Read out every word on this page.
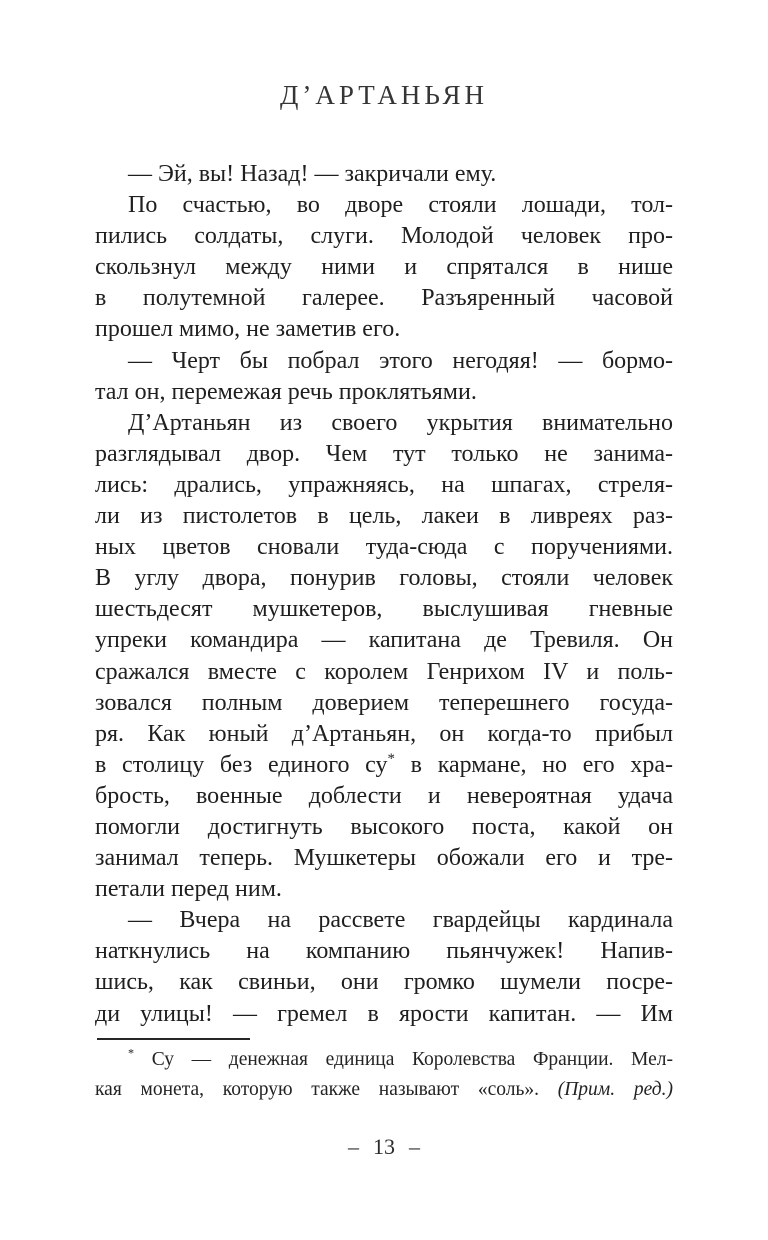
Д’АРТАНЬЯН
— Эй, вы! Назад! — закричали ему.
По счастью, во дворе стояли лошади, тол-
пились солдаты, слуги. Молодой человек про-
скользнул между ними и спрятался в нише
в полутемной галерее. Разъяренный часовой
прошел мимо, не заметив его.
— Черт бы побрал этого негодяя! — бормо-
тал он, перемежая речь проклятьями.
Д’Артаньян из своего укрытия внимательно
разглядывал двор. Чем тут только не занима-
лись: дрались, упражняясь, на шпагах, стреля-
ли из пистолетов в цель, лакеи в ливреях раз-
ных цветов сновали туда-сюда с поручениями.
В углу двора, понурив головы, стояли человек
шестьдесят мушкетеров, выслушивая гневные
упреки командира — капитана де Тревиля. Он
сражался вместе с королем Генрихом IV и поль-
зовался полным доверием теперешнего госуда-
ря. Как юный д’Артаньян, он когда-то прибыл
в столицу без единого су* в кармане, но его хра-
брость, военные доблести и невероятная удача
помогли достигнуть высокого поста, какой он
занимал теперь. Мушкетеры обожали его и тре-
петали перед ним.
— Вчера на рассвете гвардейцы кардинала
наткнулись на компанию пьянчужек! Напив-
шись, как свиньи, они громко шумели посре-
ди улицы! — гремел в ярости капитан. — Им
* Су — денежная единица Королевства Франции. Мел-
кая монета, которую также называют «соль». (Прим. ред.)
– 13 –
